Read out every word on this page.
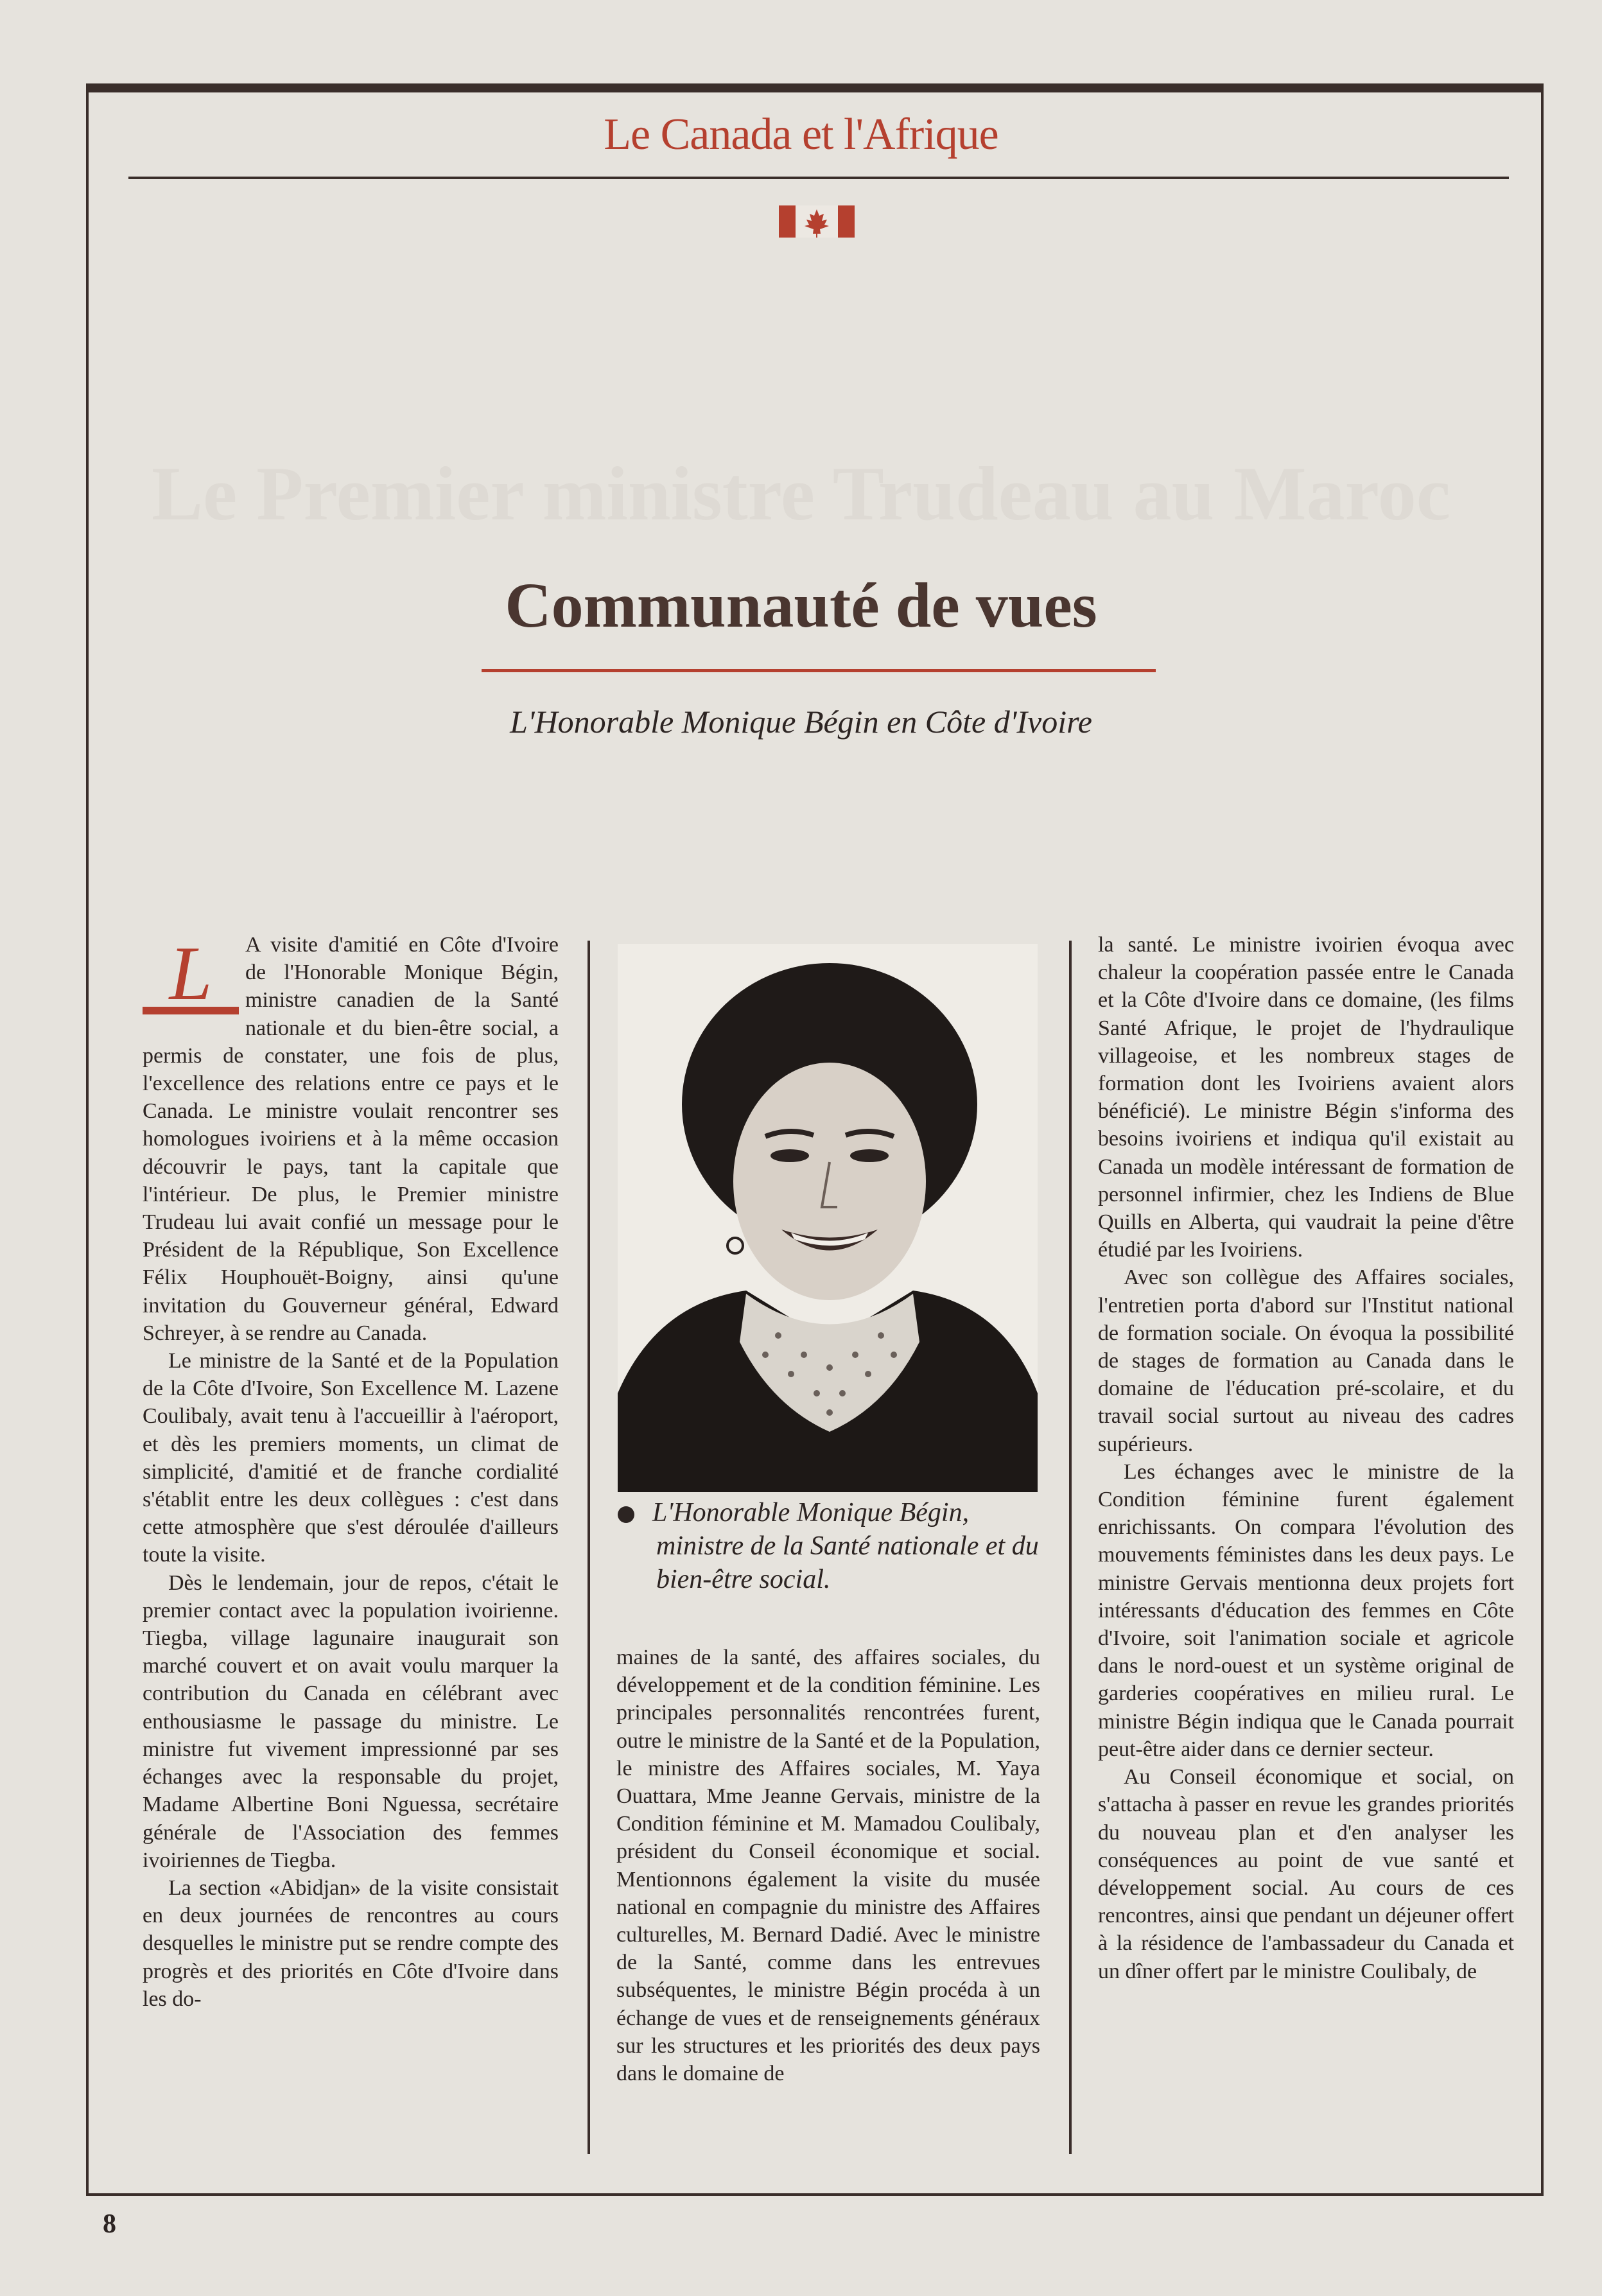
Le Canada et l'Afrique
Le Premier ministre Trudeau au Maroc
Communauté de vues
L'Honorable Monique Bégin en Côte d'Ivoire
L	A visite d'amitié en Côte d'Ivoire de l'Honorable Monique Bégin, ministre canadien de la Santé nationale et du bien-être social, a permis de constater, une fois de plus, l'excellence des relations entre ce pays et le Canada. Le ministre voulait rencontrer ses homologues ivoiriens et à la même occasion découvrir le pays, tant la capitale que l'intérieur. De plus, le Premier ministre Trudeau lui avait confié un message pour le Président de la République, Son Excellence Félix Houphouët-Boigny, ainsi qu'une invitation du Gouverneur général, Edward Schreyer, à se rendre au Canada.

Le ministre de la Santé et de la Population de la Côte d'Ivoire, Son Excellence M. Lazene Coulibaly, avait tenu à l'accueillir à l'aéroport, et dès les premiers moments, un climat de simplicité, d'amitié et de franche cordialité s'établit entre les deux collègues : c'est dans cette atmosphère que s'est déroulée d'ailleurs toute la visite.

Dès le lendemain, jour de repos, c'était le premier contact avec la population ivoirienne. Tiegba, village lagunaire inaugurait son marché couvert et on avait voulu marquer la contribution du Canada en célébrant avec enthousiasme le passage du ministre. Le ministre fut vivement impressionné par ses échanges avec la responsable du projet, Madame Albertine Boni Nguessa, secrétaire générale de l'Association des femmes ivoiriennes de Tiegba.

La section «Abidjan» de la visite consistait en deux journées de rencontres au cours desquelles le ministre put se rendre compte des progrès et des priorités en Côte d'Ivoire dans les do-

L'Honorable Monique Bégin, ministre de la Santé nationale et du bien-être social.

maines de la santé, des affaires sociales, du développement et de la condition féminine. Les principales personnalités rencontrées furent, outre le ministre de la Santé et de la Population, le ministre des Affaires sociales, M. Yaya Ouattara, Mme Jeanne Gervais, ministre de la Condition féminine et M. Mamadou Coulibaly, président du Conseil économique et social. Mentionnons également la visite du musée national en compagnie du ministre des Affaires culturelles, M. Bernard Dadié. Avec le ministre de la Santé, comme dans les entrevues subséquentes, le ministre Bégin procéda à un échange de vues et de renseignements généraux sur les structures et les priorités des deux pays dans le domaine de

la santé. Le ministre ivoirien évoqua avec chaleur la coopération passée entre le Canada et la Côte d'Ivoire dans ce domaine, (les films Santé Afrique, le projet de l'hydraulique villageoise, et les nombreux stages de formation dont les Ivoiriens avaient alors bénéficié). Le ministre Bégin s'informa des besoins ivoiriens et indiqua qu'il existait au Canada un modèle intéressant de formation de personnel infirmier, chez les Indiens de Blue Quills en Alberta, qui vaudrait la peine d'être étudié par les Ivoiriens.

Avec son collègue des Affaires sociales, l'entretien porta d'abord sur l'Institut national de formation sociale. On évoqua la possibilité de stages de formation au Canada dans le domaine de l'éducation pré-scolaire, et du travail social surtout au niveau des cadres supérieurs.

Les échanges avec le ministre de la Condition féminine furent également enrichissants. On compara l'évolution des mouvements féministes dans les deux pays. Le ministre Gervais mentionna deux projets fort intéressants d'éducation des femmes en Côte d'Ivoire, soit l'animation sociale et agricole dans le nord-ouest et un système original de garderies coopératives en milieu rural. Le ministre Bégin indiqua que le Canada pourrait peut-être aider dans ce dernier secteur.

Au Conseil économique et social, on s'attacha à passer en revue les grandes priorités du nouveau plan et d'en analyser les conséquences au point de vue santé et développement social. Au cours de ces rencontres, ainsi que pendant un déjeuner offert à la résidence de l'ambassadeur du Canada et un dîner offert par le ministre Coulibaly, de

8
